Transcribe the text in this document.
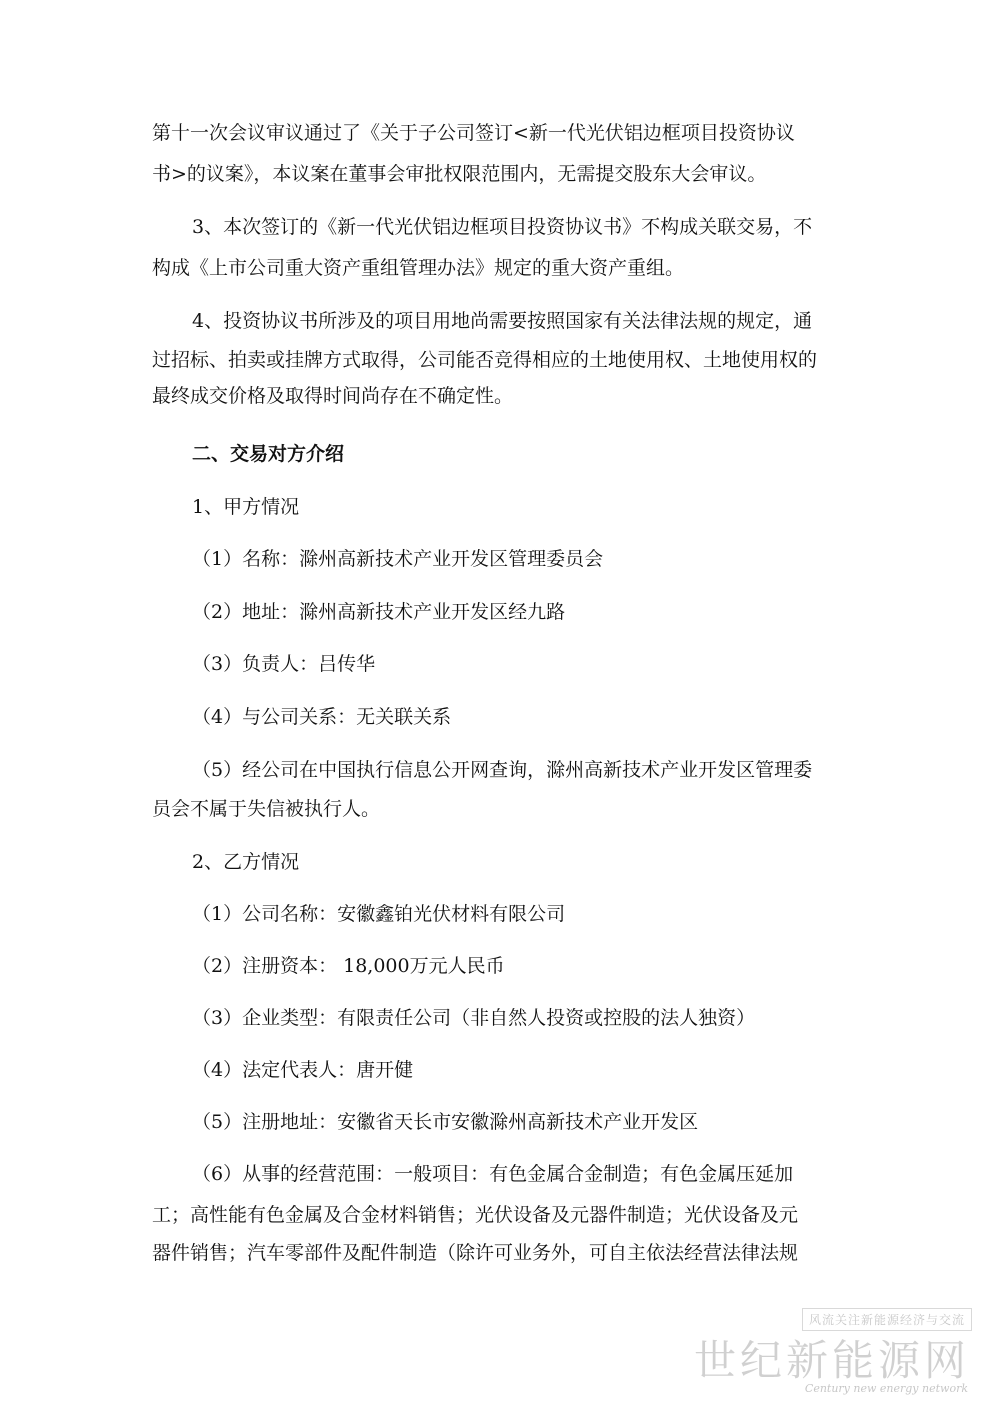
第十一次会议审议通过了《关于子公司签订<新一代光伏铝边框项目投资协议
书>的议案》，本议案在董事会审批权限范围内，无需提交股东大会审议。
3、本次签订的《新一代光伏铝边框项目投资协议书》不构成关联交易，不
构成《上市公司重大资产重组管理办法》规定的重大资产重组。
4、投资协议书所涉及的项目用地尚需要按照国家有关法律法规的规定，通
过招标、拍卖或挂牌方式取得，公司能否竞得相应的土地使用权、土地使用权的
最终成交价格及取得时间尚存在不确定性。
二、交易对方介绍
1、甲方情况
（1）名称：滁州高新技术产业开发区管理委员会
（2）地址：滁州高新技术产业开发区经九路
（3）负责人：吕传华
（4）与公司关系：无关联关系
（5）经公司在中国执行信息公开网查询，滁州高新技术产业开发区管理委
员会不属于失信被执行人。
2、乙方情况
（1）公司名称：安徽鑫铂光伏材料有限公司
（2）注册资本： 18,000万元人民币
（3）企业类型：有限责任公司（非自然人投资或控股的法人独资）
（4）法定代表人：唐开健
（5）注册地址：安徽省天长市安徽滁州高新技术产业开发区
（6）从事的经营范围：一般项目：有色金属合金制造；有色金属压延加
工；高性能有色金属及合金材料销售；光伏设备及元器件制造；光伏设备及元
器件销售；汽车零部件及配件制造（除许可业务外，可自主依法经营法律法规
风流关注新能源经济与交流
世纪新能源网
Century new energy network
